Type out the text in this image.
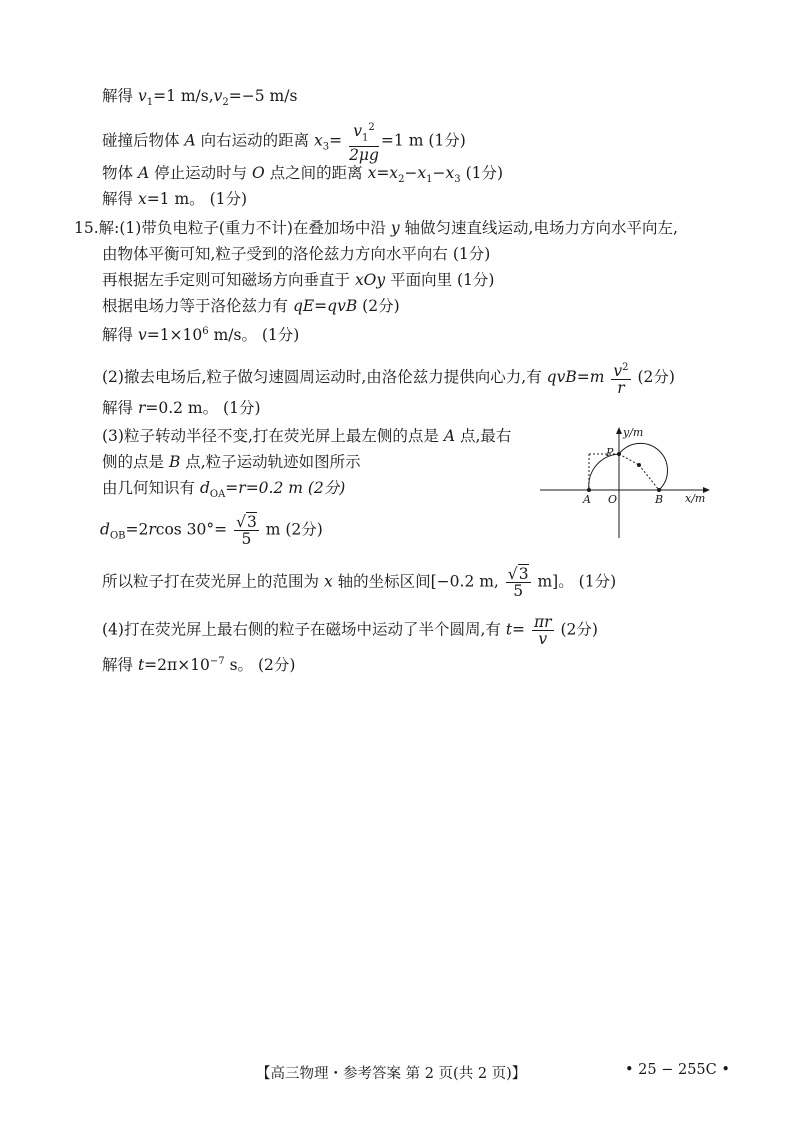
解得 $v_1=1$ $m/s,v_2=-5$ m/s
碰撞后物体 A 向右运动的距离 $x_3= \frac{v_1^2}{2\mu g} =1$ m (1分)
物体 A 停止运动时与 O 点之间的距离 $x=x_2-x_1-x_3$ (1分)
解得 x=1 m。 (1分)
15.解:(1)带负电粒子(重力不计)在叠加场中沿 y 轴做匀速直线运动,电场力方向水平向左,
由物体平衡可知,粒子受到的洛伦兹力方向水平向右 (1分)
再根据左手定则可知磁场方向垂直于 xOy 平面向里 (1分)
根据电场力等于洛伦兹力有 qE=qvB (2分)
解得 $v=1\times 10^6$ m/s。 (1分)
(2)撤去电场后,粒子做匀速圆周运动时,由洛伦兹力提供向心力,有 $qvB=m \frac{v^2}{r} (2$分)
解得 r=0.2 m。 (1分)
(3)粒子转动半径不变,打在荧光屏上最左侧的点是 A 点,最右
侧的点是 B 点,粒子运动轨迹如图所示
由几何知识有 $d_{OA}=r=0.2$ m (2分)
$d_{OB}=2rcos$ $30^\circ= \frac{√3}{5}$ m (2分)
所以粒子打在荧光屏上的范围为 x 轴的坐标区间[−0.2 m, $\frac{√3}{5} m$]。 (1分)
(4)打在荧光屏上最右侧的粒子在磁场中运动了半个圆周,有 $t= \frac{\pi r}{v} (2$分)
解得 $t=2\pi\times 10^{-7}$ s。 (2分)
y/m
x/m
P
A O	B
【高三物理・参考答案 第 2 页(共 2 页)】	• 25 − 255C •
